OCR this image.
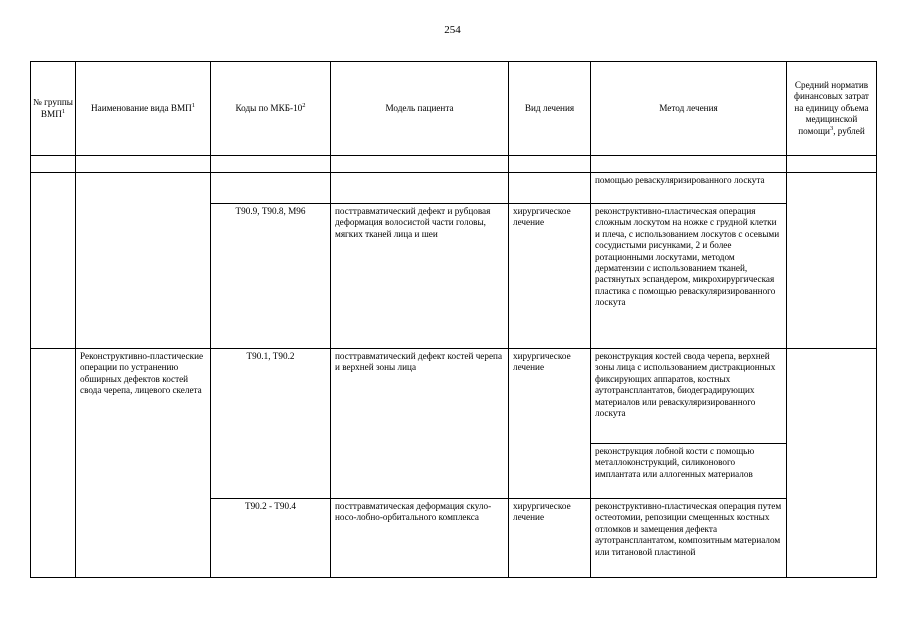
254
№ группы ВМП$^1$	Наименование вида ВМП$^1$	Коды по МКБ-$10^2$	Модель пациента	Вид лечения	Метод лечения	Средний норматив финансовых затрат на единицу объема медицинской помощи$^3$, рублей

					помощью реваскуляризированного лоскута	
		Т90.9, Т90.8, M96	посттравматический дефект и рубцовая деформация волосистой части головы, мягких тканей лица и шеи	хирургическое лечение	реконструктивно-пластическая операция сложным лоскутом на ножке с грудной клетки и плеча, с использованием лоскутов с осевыми сосудистыми рисунками, 2 и более ротационными лоскутами, методом дерматензии с использованием тканей, растянутых эспандером, микрохирургическая пластика с помощью реваскуляризированного лоскута	
	Реконструктивно-пластические операции по устранению обширных дефектов костей свода черепа, лицевого скелета	Т90.1, Т90.2	посттравматический дефект костей черепа и верхней зоны лица	хирургическое лечение	реконструкция костей свода черепа, верхней зоны лица с использованием дистракционных фиксирующих аппаратов, костных аутотрансплантатов, биодеградирующих материалов или реваскуляризированного лоскута	
					реконструкция лобной кости с помощью металлоконструкций, силиконового имплантата или аллогенных материалов	
		Т90.2 - Т90.4	посттравматическая деформация скуло-носо-лобно-орбитального комплекса	хирургическое лечение	реконструктивно-пластическая операция путем остеотомии, репозиции смещенных костных отломков и замещения дефекта аутотрансплантатом, композитным материалом или титановой пластиной	
